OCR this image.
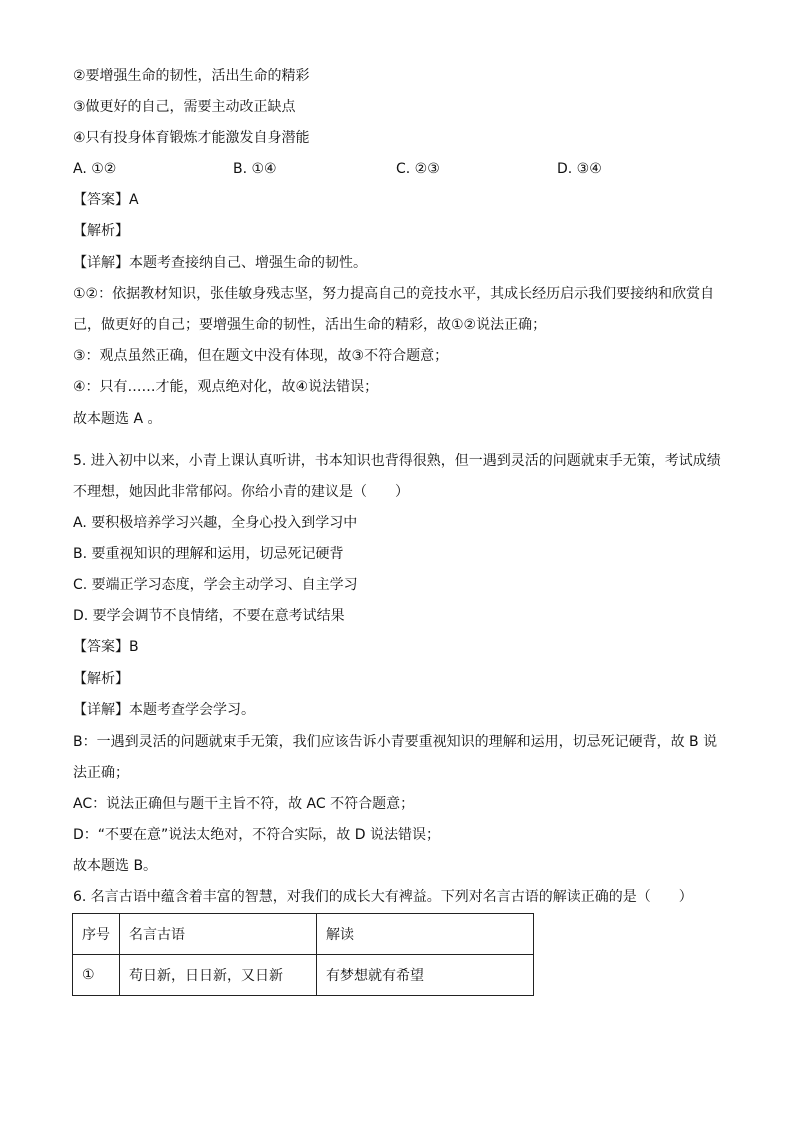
②要增强生命的韧性，活出生命的精彩
③做更好的自己，需要主动改正缺点
④只有投身体育锻炼才能激发自身潜能
A. ①②	B. ①④	C. ②③	D. ③④
【答案】A
【解析】
【详解】本题考查接纳自己、增强生命的韧性。
①②：依据教材知识，张佳敏身残志坚，努力提高自己的竞技水平，其成长经历启示我们要接纳和欣赏自
己，做更好的自己；要增强生命的韧性，活出生命的精彩，故①②说法正确；
③：观点虽然正确，但在题文中没有体现，故③不符合题意；
④：只有……才能，观点绝对化，故④说法错误；
故本题选 A 。
5. 进入初中以来，小青上课认真听讲，书本知识也背得很熟，但一遇到灵活的问题就束手无策，考试成绩
不理想，她因此非常郁闷。你给小青的建议是（　　）
A. 要积极培养学习兴趣，全身心投入到学习中
B. 要重视知识的理解和运用，切忌死记硬背
C. 要端正学习态度，学会主动学习、自主学习
D. 要学会调节不良情绪，不要在意考试结果
【答案】B
【解析】
【详解】本题考查学会学习。
B：一遇到灵活的问题就束手无策，我们应该告诉小青要重视知识的理解和运用，切忌死记硬背，故 B 说
法正确；
AC：说法正确但与题干主旨不符，故 AC 不符合题意；
D：“不要在意”说法太绝对，不符合实际，故 D 说法错误；
故本题选 B。
6. 名言古语中蕴含着丰富的智慧，对我们的成长大有裨益。下列对名言古语的解读正确的是（　　）
序号	名言古语	解读
①	苟日新，日日新，又日新	有梦想就有希望
